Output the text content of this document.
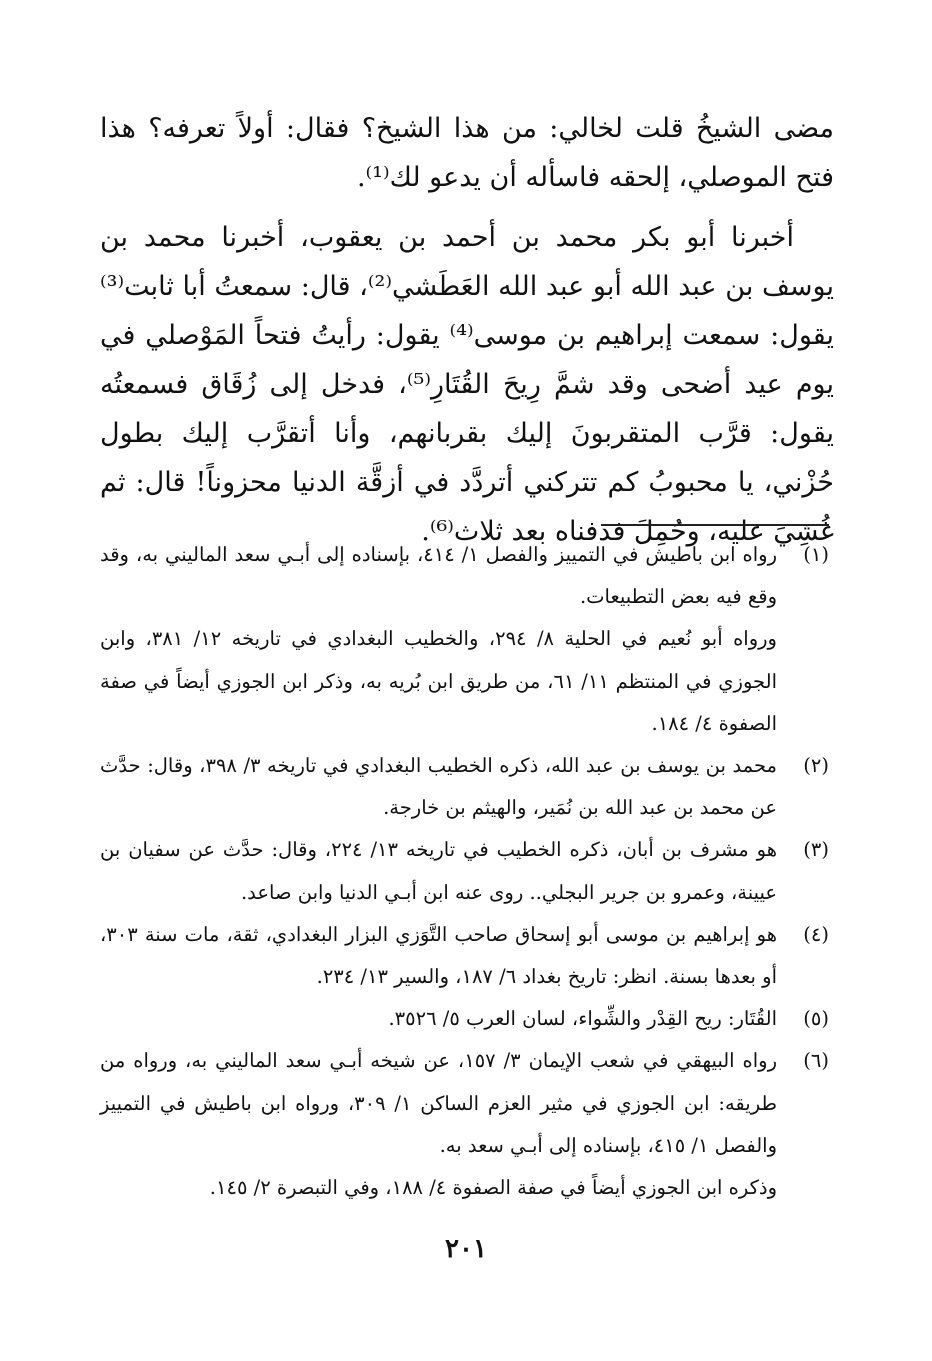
مضى الشيخُ قلت لخالي: من هذا الشيخ؟ فقال: أولاً تعرفه؟ هذا فتح الموصلي، إلحقه فاسأله أن يدعو لك⁽¹⁾.

أخبرنا أبو بكر محمد بن أحمد بن يعقوب، أخبرنا محمد بن يوسف بن عبد الله أبو عبد الله العَطَشي⁽²⁾، قال: سمعتُ أبا ثابت⁽³⁾ يقول: سمعت إبراهيم بن موسى⁽⁴⁾ يقول: رأيتُ فتحاً المَوْصلي في يوم عيد أضحى وقد شمَّ رِيحَ القُتَارِ⁽⁵⁾، فدخل إلى زُقَاق فسمعتُه يقول: قرَّب المتقربونَ إليك بقربانهم، وأنا أتقرَّب إليك بطول حُزْني، يا محبوبُ كم تتركني أتردَّد في أزقَّة الدنيا محزوناً! قال: ثم غُشِيَ عليه، وحُمِلَ فدفناه بعد ثلاث⁽⁶⁾.

(١)

رواه ابن باطيش في التمييز والفصل ١/ ٤١٤، بإسناده إلى أبـي سعد الماليني به، وقد وقع فيه بعض التطبيعات.

ورواه أبو نُعيم في الحلية ٨/ ٢٩٤، والخطيب البغدادي في تاريخه ١٢/ ٣٨١، وابن الجوزي في المنتظم ١١/ ٦١، من طريق ابن بُريه به، وذكر ابن الجوزي أيضاً في صفة الصفوة ٤/ ١٨٤.

(٢)

محمد بن يوسف بن عبد الله، ذكره الخطيب البغدادي في تاريخه ٣/ ٣٩٨، وقال: حدَّث عن محمد بن عبد الله بن نُمَير، والهيثم بن خارجة.

(٣)

هو مشرف بن أبان، ذكره الخطيب في تاريخه ١٣/ ٢٢٤، وقال: حدَّث عن سفيان بن عيينة، وعمرو بن جرير البجلي.. روى عنه ابن أبـي الدنيا وابن صاعد.

(٤)

هو إبراهيم بن موسى أبو إسحاق صاحب التَّوَزي البزار البغدادي، ثقة، مات سنة ٣٠٣، أو بعدها بسنة. انظر: تاريخ بغداد ٦/ ١٨٧، والسير ١٣/ ٢٣٤.

(٥)

القُتَار: ريح القِدْر والشِّواء، لسان العرب ٥/ ٣٥٢٦.

(٦)

رواه البيهقي في شعب الإيمان ٣/ ١٥٧، عن شيخه أبـي سعد الماليني به، ورواه من طريقه: ابن الجوزي في مثير العزم الساكن ١/ ٣٠٩، ورواه ابن باطيش في التمييز والفصل ١/ ٤١٥، بإسناده إلى أبـي سعد به.

وذكره ابن الجوزي أيضاً في صفة الصفوة ٤/ ١٨٨، وفي التبصرة ٢/ ١٤٥.

٢٠١
